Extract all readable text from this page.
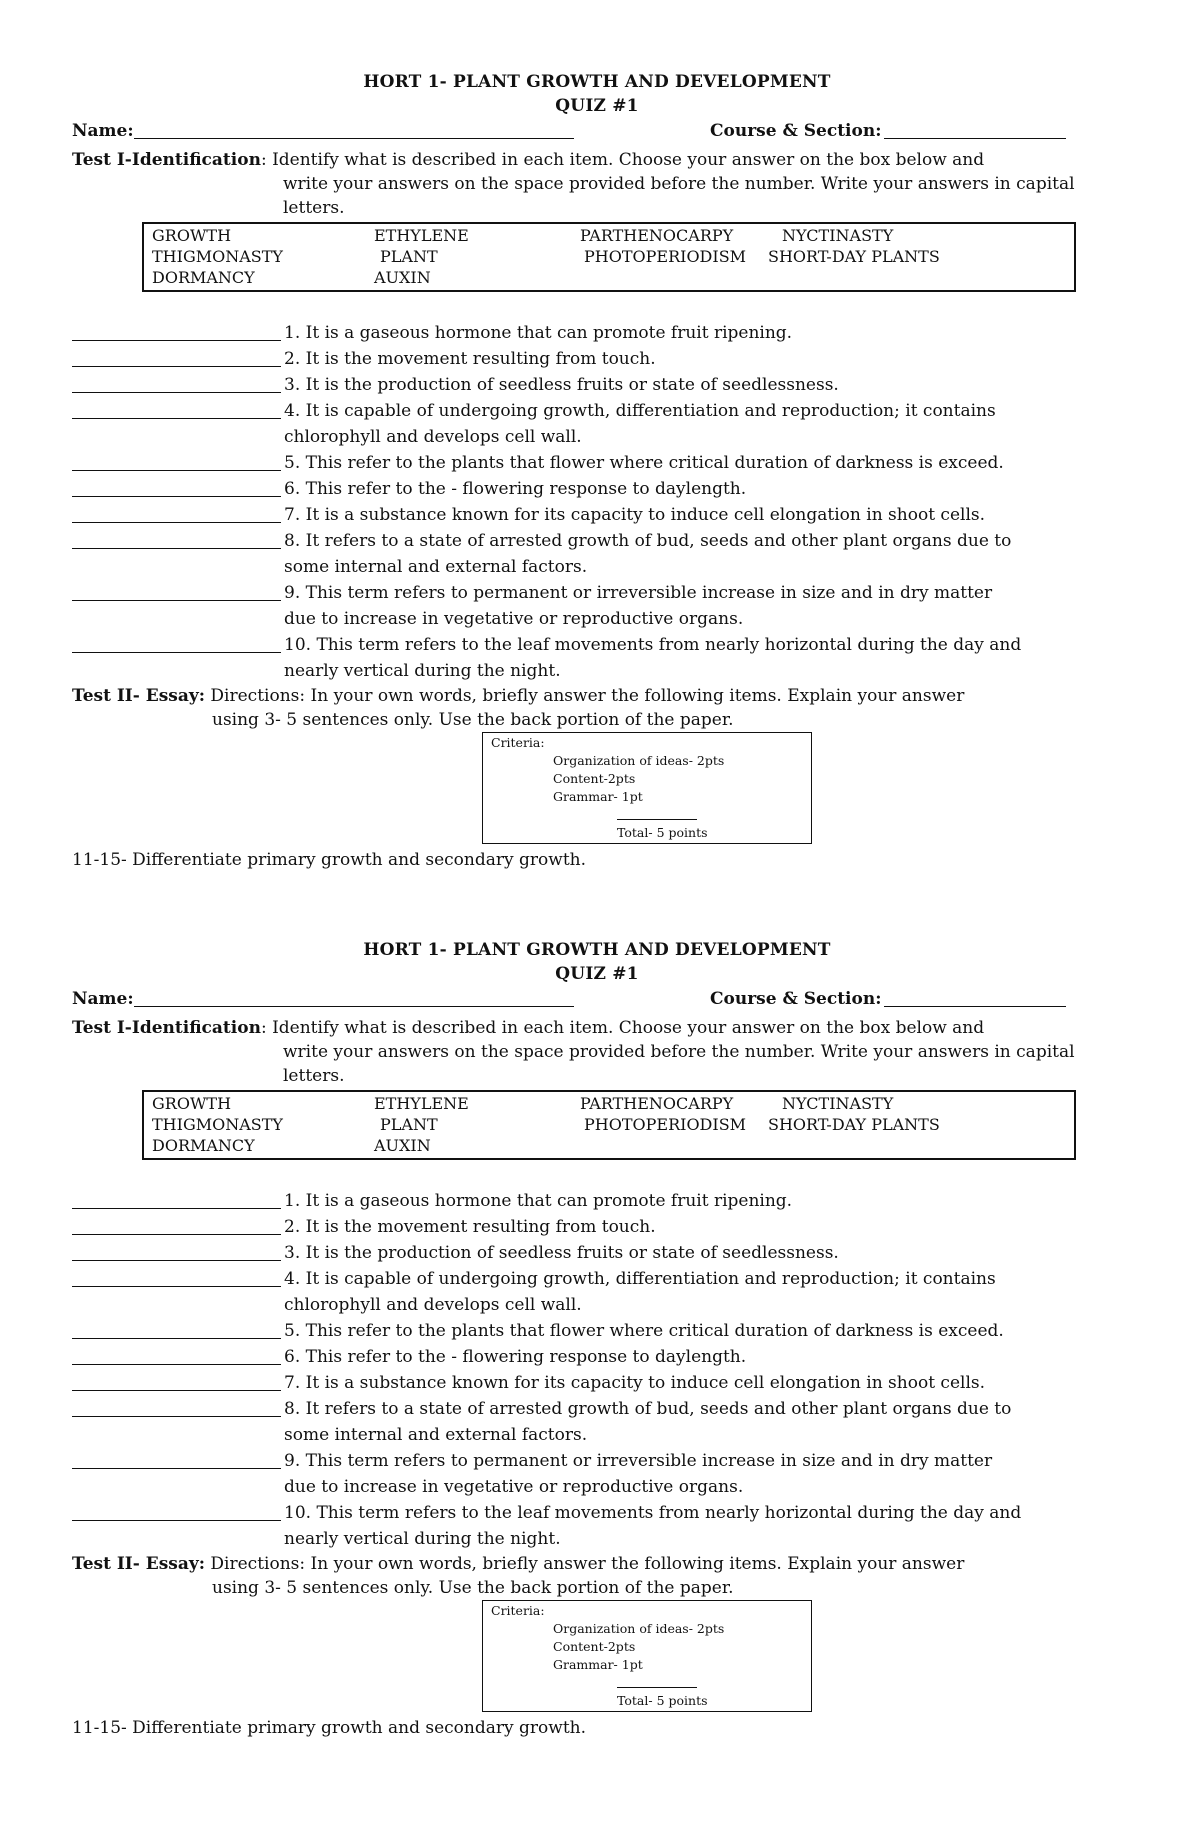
HORT 1- PLANT GROWTH AND DEVELOPMENT
QUIZ #1
Name:	Course & Section:
Test I-Identification: Identify what is described in each item. Choose your answer on the box below and
write your answers on the space provided before the number. Write your answers in capital
letters.
GROWTH	ETHYLENE	PARTHENOCARPY	NYCTINASTY
THIGMONASTY	PLANT	PHOTOPERIODISM SHORT-DAY PLANTS
DORMANCY	AUXIN
1. It is a gaseous hormone that can promote fruit ripening.
2. It is the movement resulting from touch.
3. It is the production of seedless fruits or state of seedlessness.
4. It is capable of undergoing growth, differentiation and reproduction; it contains
chlorophyll and develops cell wall.
5. This refer to the plants that flower where critical duration of darkness is exceed.
6. This refer to the - flowering response to daylength.
7. It is a substance known for its capacity to induce cell elongation in shoot cells.
8. It refers to a state of arrested growth of bud, seeds and other plant organs due to
some internal and external factors.
9. This term refers to permanent or irreversible increase in size and in dry matter
due to increase in vegetative or reproductive organs.
10. This term refers to the leaf movements from nearly horizontal during the day and
nearly vertical during the night.
Test II- Essay: Directions: In your own words, briefly answer the following items. Explain your answer
using 3- 5 sentences only. Use the back portion of the paper.
Criteria:
Organization of ideas- 2pts
Content-2pts
Grammar- 1pt
Total- 5 points
11-15- Differentiate primary growth and secondary growth.
HORT 1- PLANT GROWTH AND DEVELOPMENT
QUIZ #1
Name:	Course & Section:
Test I-Identification: Identify what is described in each item. Choose your answer on the box below and
write your answers on the space provided before the number. Write your answers in capital
letters.
GROWTH	ETHYLENE	PARTHENOCARPY	NYCTINASTY
THIGMONASTY	PLANT	PHOTOPERIODISM SHORT-DAY PLANTS
DORMANCY	AUXIN
1. It is a gaseous hormone that can promote fruit ripening.
2. It is the movement resulting from touch.
3. It is the production of seedless fruits or state of seedlessness.
4. It is capable of undergoing growth, differentiation and reproduction; it contains
chlorophyll and develops cell wall.
5. This refer to the plants that flower where critical duration of darkness is exceed.
6. This refer to the - flowering response to daylength.
7. It is a substance known for its capacity to induce cell elongation in shoot cells.
8. It refers to a state of arrested growth of bud, seeds and other plant organs due to
some internal and external factors.
9. This term refers to permanent or irreversible increase in size and in dry matter
due to increase in vegetative or reproductive organs.
10. This term refers to the leaf movements from nearly horizontal during the day and
nearly vertical during the night.
Test II- Essay: Directions: In your own words, briefly answer the following items. Explain your answer
using 3- 5 sentences only. Use the back portion of the paper.
Criteria:
Organization of ideas- 2pts
Content-2pts
Grammar- 1pt
Total- 5 points
11-15- Differentiate primary growth and secondary growth.
